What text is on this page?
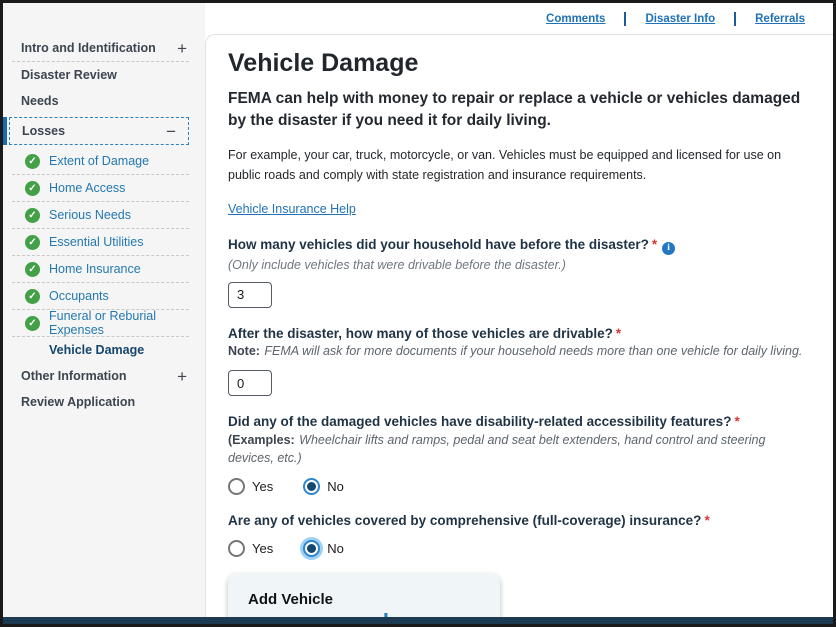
Intro and Identification +
Disaster Review
Needs
Losses	−
✓ Extent of Damage
✓ Home Access
✓ Serious Needs
✓ Essential Utilities
✓ Home Insurance
✓ Occupants
✓ Funeral or Reburial Expenses
Vehicle Damage
Other Information	+
Review Application
Comments	Disaster Info	Referrals
Vehicle Damage

FEMA can help with money to repair or replace a vehicle or vehicles damaged by the disaster if you need it for daily living.

For example, your car, truck, motorcycle, or van. Vehicles must be equipped and licensed for use on public roads and comply with state registration and insurance requirements.

Vehicle Insurance Help
How many vehicles did your household have before the disaster? * i
(Only include vehicles that were drivable before the disaster.)
3
After the disaster, how many of those vehicles are drivable? *
Note: FEMA will ask for more documents if your household needs more than one vehicle for daily living.
0
Did any of the damaged vehicles have disability-related accessibility features? *
(Examples: Wheelchair lifts and ramps, pedal and seat belt extenders, hand control and steering devices, etc.)
Yes	No
Are any of vehicles covered by comprehensive (full-coverage) insurance? *
Yes	No
Add Vehicle
